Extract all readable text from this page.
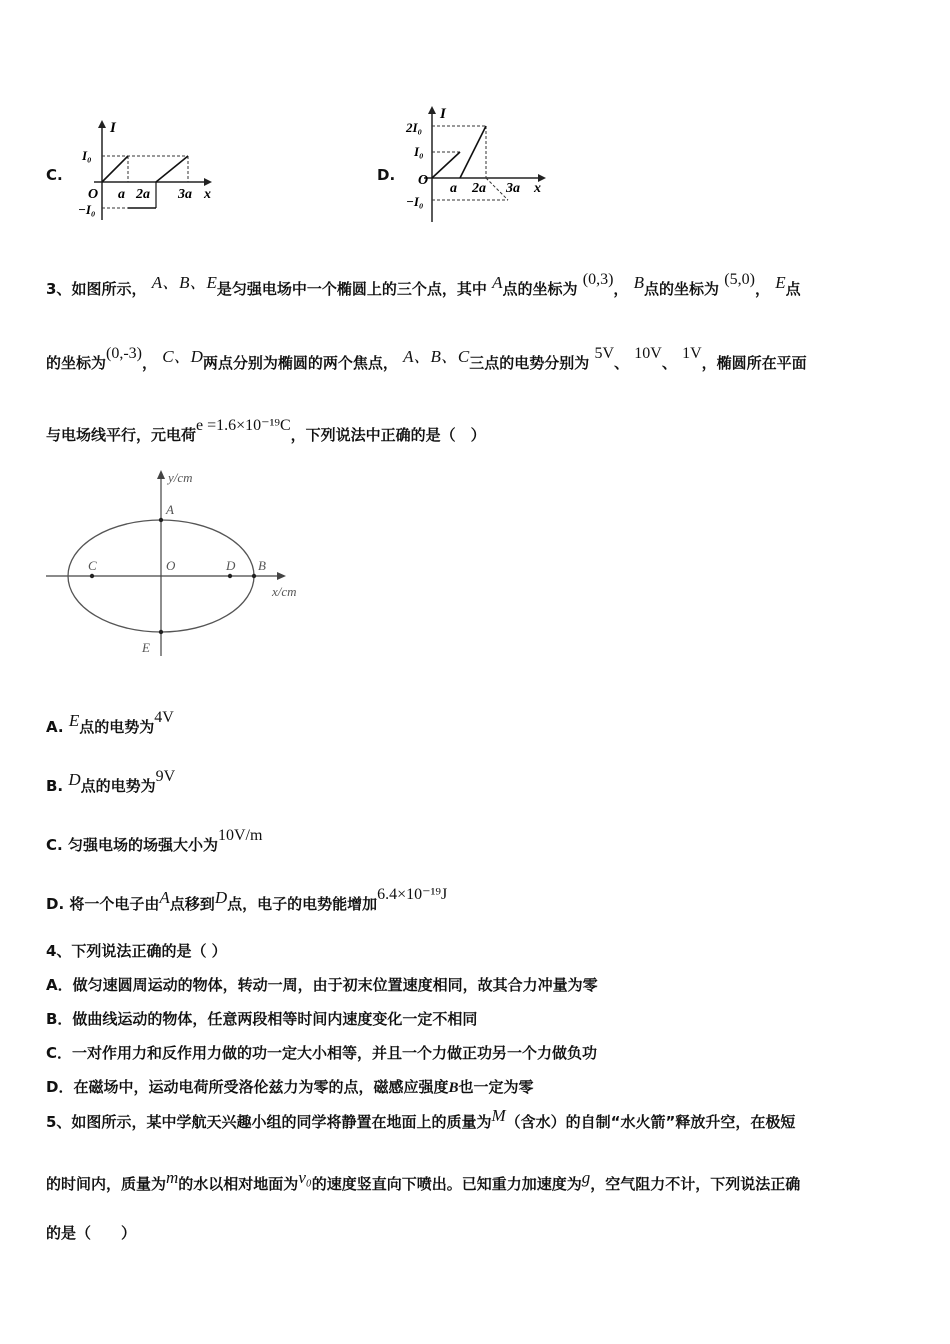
C.
I
I₀
O a 2a 3a x
−I₀
D.
I
2I₀
I₀
O
a 2a 3a x
−I₀
3、如图所示， A、B、E是匀强电场中一个椭圆上的三个点，其中 A点的坐标为 (0,3)， B点的坐标为 (5,0)， E点
的坐标为(0,-3)， C、D两点分别为椭圆的两个焦点， A、B、C三点的电势分别为 5V、 10V、 1V，椭圆所在平面
与电场线平行，元电荷e =1.6×10⁻¹⁹C，下列说法中正确的是（　）
y/cm
x/cm
A
B
C	D
O
E
A. E点的电势为4V
B. D点的电势为9V
C. 匀强电场的场强大小为10V/m
D. 将一个电子由A点移到D点，电子的电势能增加6.4×10⁻¹⁹J
4、下列说法正确的是（ ）
A．做匀速圆周运动的物体，转动一周，由于初末位置速度相同，故其合力冲量为零
B．做曲线运动的物体，任意两段相等时间内速度变化一定不相同
C．一对作用力和反作用力做的功一定大小相等，并且一个力做正功另一个力做负功
D．在磁场中，运动电荷所受洛伦兹力为零的点，磁感应强度B也一定为零
5、如图所示，某中学航天兴趣小组的同学将静置在地面上的质量为M（含水）的自制“水火箭”释放升空，在极短
的时间内，质量为m的水以相对地面为v₀的速度竖直向下喷出。已知重力加速度为g，空气阻力不计，下列说法正确
的是（　　）
